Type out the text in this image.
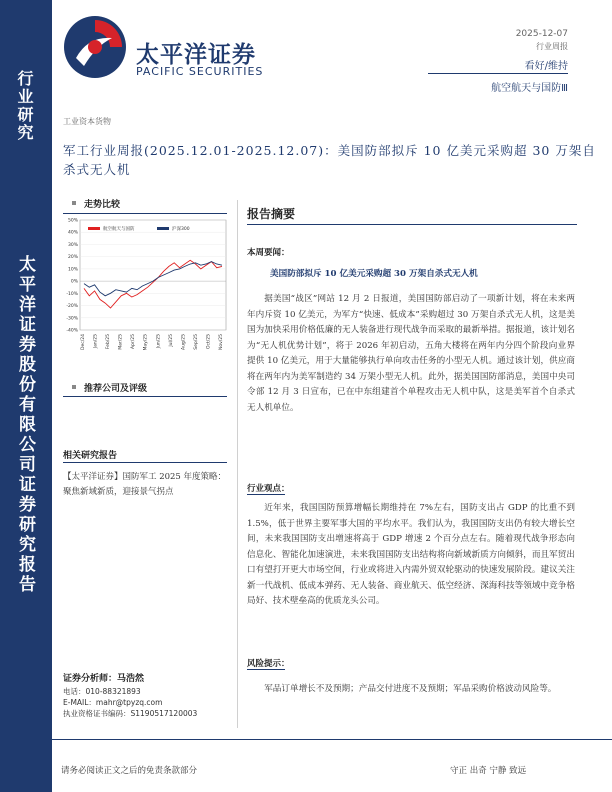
行业研究
太平洋证券股份有限公司证券研究报告
太平洋证券
PACIFIC SECURITIES
2025-12-07
行业周报
看好/维持
航空航天与国防Ⅲ
工业资本货物
军工行业周报(2025.12.01-2025.12.07)：美国防部拟斥 10 亿美元采购超 30 万架自杀式无人机
走势比较
50%
40%
30%
20%
10%
0%
-10%
-20%
-30%
-40%
Dec/24 Jan/25 Feb/25 Mar/25 Apr/25 May/25 Jun/25 Jul/25 Aug/25 Sep/25 Oct/25 Nov/25
航空航天与国防	沪深300
推荐公司及评级
相关研究报告
【太平洋证券】国防军工 2025 年度策略：聚焦新域新质，迎接景气拐点
证券分析师：马浩然
电话：010-88321893
E-MAIL：mahr@tpyzq.com
执业资格证书编码：S1190517120003
报告摘要
本周要闻：
美国防部拟斥 10 亿美元采购超 30 万架自杀式无人机
据美国“战区”网站 12 月 2 日报道，美国国防部启动了一项新计划，将在未来两年内斥资 10 亿美元，为军方“快速、低成本”采购超过 30 万架自杀式无人机，这是美国为加快采用价格低廉的无人装备进行现代战争而采取的最新举措。据报道，该计划名为“无人机优势计划”，将于 2026 年初启动，五角大楼将在两年内分四个阶段向业界提供 10 亿美元，用于大量能够执行单向攻击任务的小型无人机。通过该计划，供应商将在两年内为美军制造约 34 万架小型无人机。此外，据美国国防部消息，美国中央司令部 12 月 3 日宣布，已在中东组建首个单程攻击无人机中队，这是美军首个自杀式无人机单位。
行业观点：
近年来，我国国防预算增幅长期维持在 7%左右，国防支出占 GDP 的比重不到 1.5%，低于世界主要军事大国的平均水平。我们认为，我国国防支出仍有较大增长空间，未来我国国防支出增速将高于 GDP 增速 2 个百分点左右。随着现代战争形态向信息化、智能化加速演进，未来我国国防支出结构将向新域新质方向倾斜，而且军贸出口有望打开更大市场空间，行业或将进入内需外贸双轮驱动的快速发展阶段。建议关注新一代战机、低成本弹药、无人装备、商业航天、低空经济、深海科技等领域中竞争格局好、技术壁垒高的优质龙头公司。
风险提示：
军品订单增长不及预期；产品交付进度不及预期；军品采购价格波动风险等。
请务必阅读正文之后的免责条款部分	守正 出奇 宁静 致远
